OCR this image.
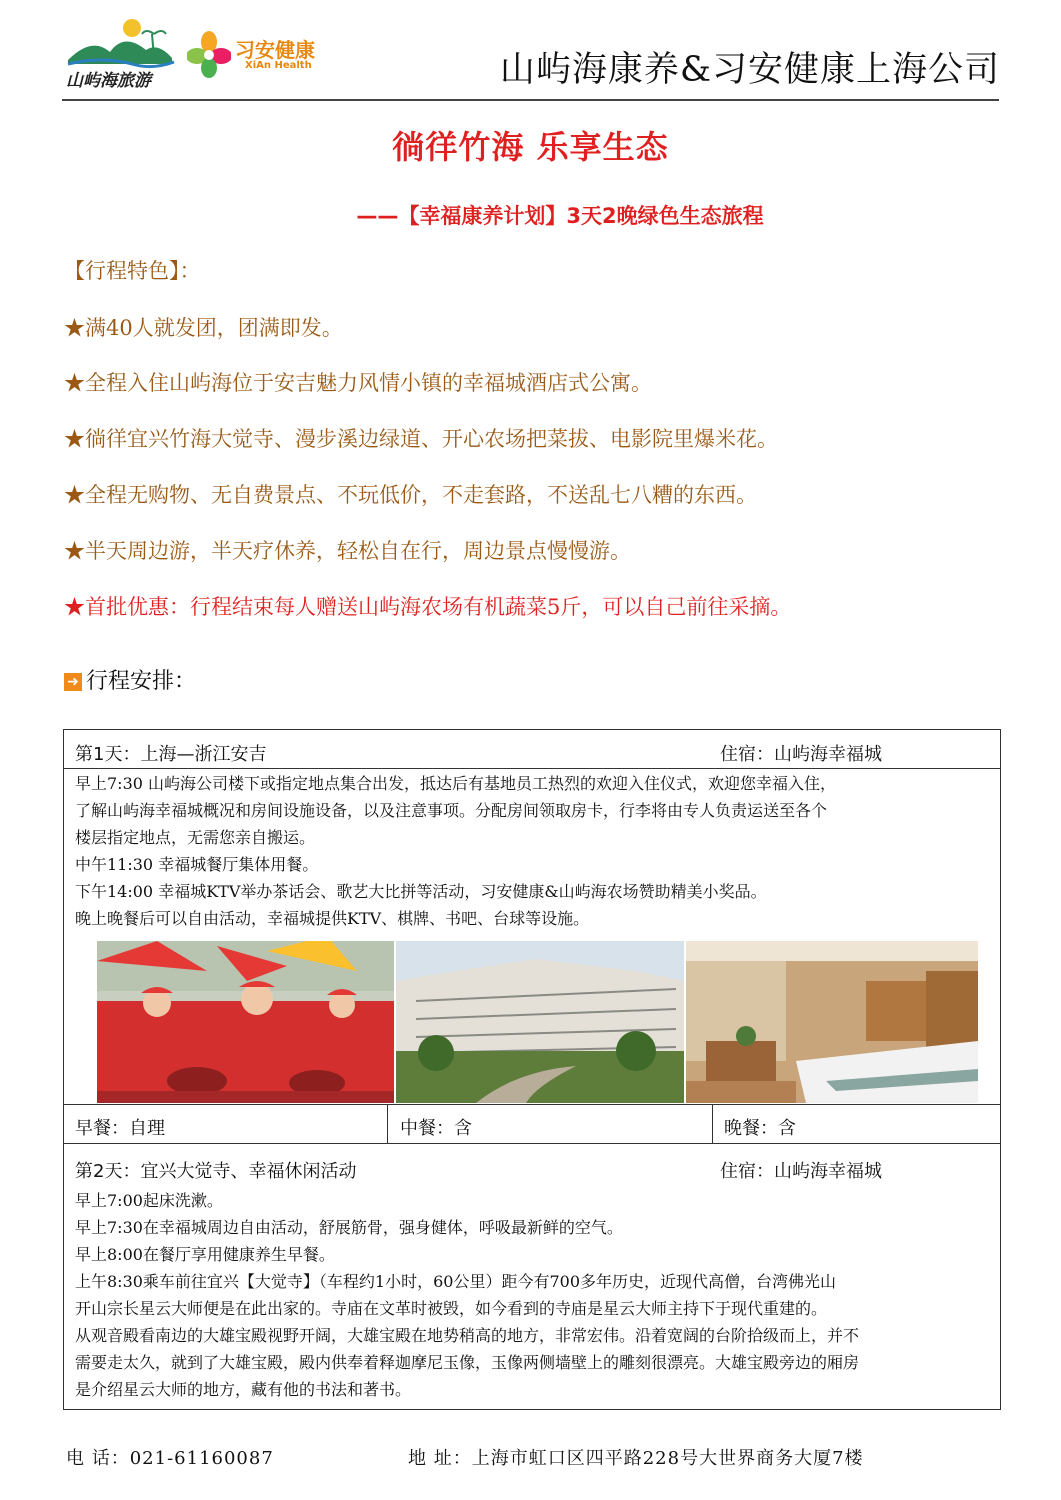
山屿海旅游
习安健康
XiAn Health	山屿海康养&习安健康上海公司
徜徉竹海 乐享生态
——【幸福康养计划】3天2晚绿色生态旅程
【行程特色】：
★满40人就发团，团满即发。
★全程入住山屿海位于安吉魅力风情小镇的幸福城酒店式公寓。
★徜徉宜兴竹海大觉寺、漫步溪边绿道、开心农场把菜拔、电影院里爆米花。
★全程无购物、无自费景点、不玩低价，不走套路，不送乱七八糟的东西。
★半天周边游，半天疗休养，轻松自在行，周边景点慢慢游。
★首批优惠：行程结束每人赠送山屿海农场有机蔬菜5斤，可以自己前往采摘。
➜ 行程安排：
第1天：上海—浙江安吉	住宿：山屿海幸福城
早上7:30 山屿海公司楼下或指定地点集合出发，抵达后有基地员工热烈的欢迎入住仪式，欢迎您幸福入住，
了解山屿海幸福城概况和房间设施设备，以及注意事项。分配房间领取房卡，行李将由专人负责运送至各个
楼层指定地点，无需您亲自搬运。
中午11:30 幸福城餐厅集体用餐。
下午14:00 幸福城KTV举办茶话会、歌艺大比拼等活动，习安健康&山屿海农场赞助精美小奖品。
晚上晚餐后可以自由活动，幸福城提供KTV、棋牌、书吧、台球等设施。
早餐：自理	中餐：含	晚餐：含
第2天：宜兴大觉寺、幸福休闲活动	住宿：山屿海幸福城
早上7:00起床洗漱。
早上7:30在幸福城周边自由活动，舒展筋骨，强身健体，呼吸最新鲜的空气。
早上8:00在餐厅享用健康养生早餐。
上午8:30乘车前往宜兴【大觉寺】（车程约1小时，60公里）距今有700多年历史，近现代高僧，台湾佛光山
开山宗长星云大师便是在此出家的。寺庙在文革时被毁，如今看到的寺庙是星云大师主持下于现代重建的。
从观音殿看南边的大雄宝殿视野开阔，大雄宝殿在地势稍高的地方，非常宏伟。沿着宽阔的台阶拾级而上，并不
需要走太久，就到了大雄宝殿，殿内供奉着释迦摩尼玉像，玉像两侧墙壁上的雕刻很漂亮。大雄宝殿旁边的厢房
是介绍星云大师的地方，藏有他的书法和著书。
电 话：021-61160087	地 址：上海市虹口区四平路228号大世界商务大厦7楼
